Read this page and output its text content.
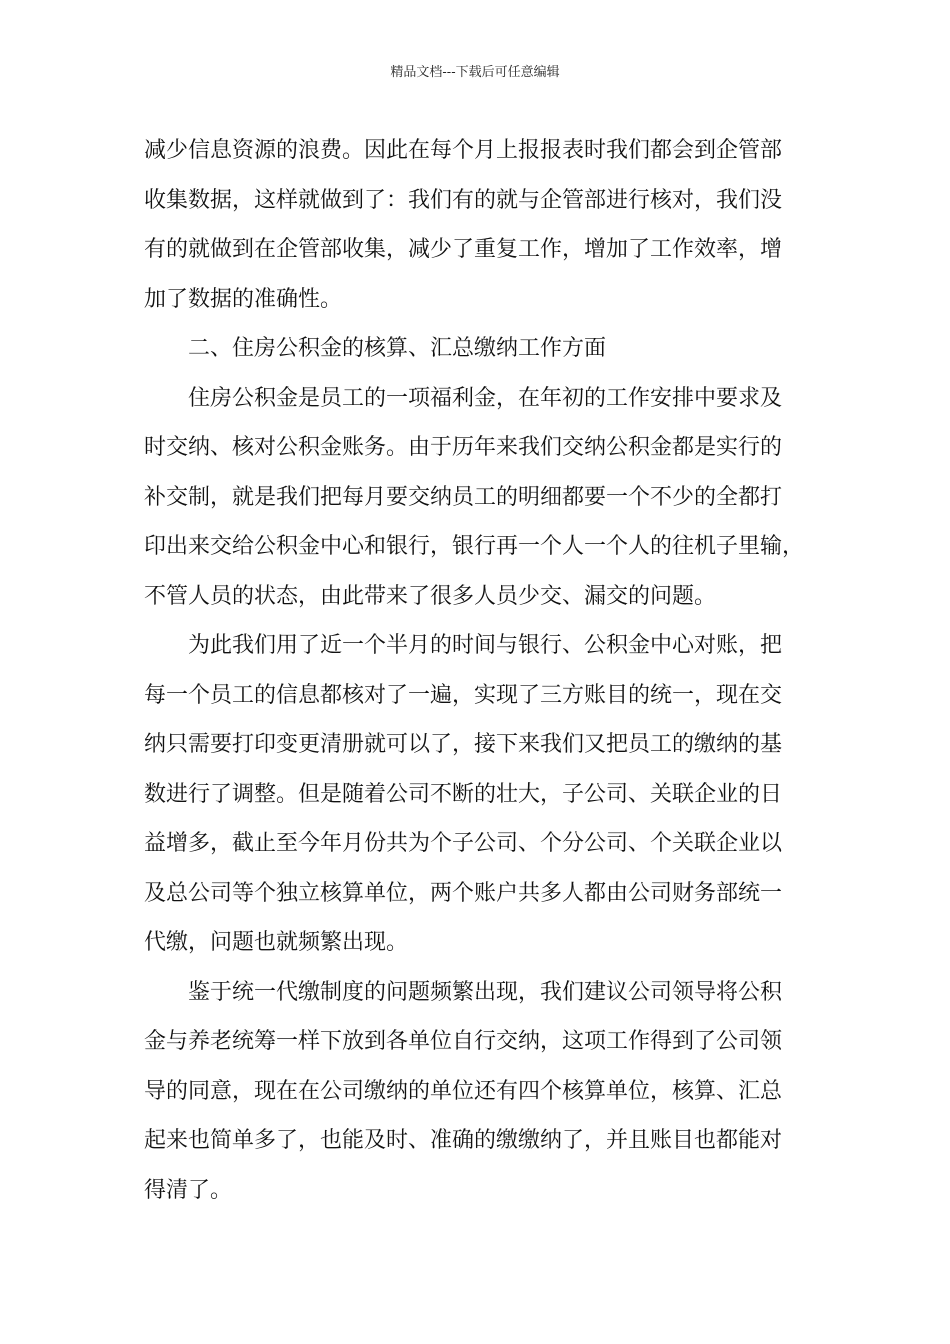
精品文档---下载后可任意编辑
减少信息资源的浪费。因此在每个月上报报表时我们都会到企管部
收集数据，这样就做到了：我们有的就与企管部进行核对，我们没
有的就做到在企管部收集，减少了重复工作，增加了工作效率，增
加了数据的准确性。
二、住房公积金的核算、汇总缴纳工作方面
住房公积金是员工的一项福利金，在年初的工作安排中要求及
时交纳、核对公积金账务。由于历年来我们交纳公积金都是实行的
补交制，就是我们把每月要交纳员工的明细都要一个不少的全都打
印出来交给公积金中心和银行，银行再一个人一个人的往机子里输，
不管人员的状态，由此带来了很多人员少交、漏交的问题。
为此我们用了近一个半月的时间与银行、公积金中心对账，把
每一个员工的信息都核对了一遍，实现了三方账目的统一，现在交
纳只需要打印变更清册就可以了，接下来我们又把员工的缴纳的基
数进行了调整。但是随着公司不断的壮大，子公司、关联企业的日
益增多，截止至今年月份共为个子公司、个分公司、个关联企业以
及总公司等个独立核算单位，两个账户共多人都由公司财务部统一
代缴，问题也就频繁出现。
鉴于统一代缴制度的问题频繁出现，我们建议公司领导将公积
金与养老统筹一样下放到各单位自行交纳，这项工作得到了公司领
导的同意，现在在公司缴纳的单位还有四个核算单位，核算、汇总
起来也简单多了，也能及时、准确的缴缴纳了，并且账目也都能对
得清了。
